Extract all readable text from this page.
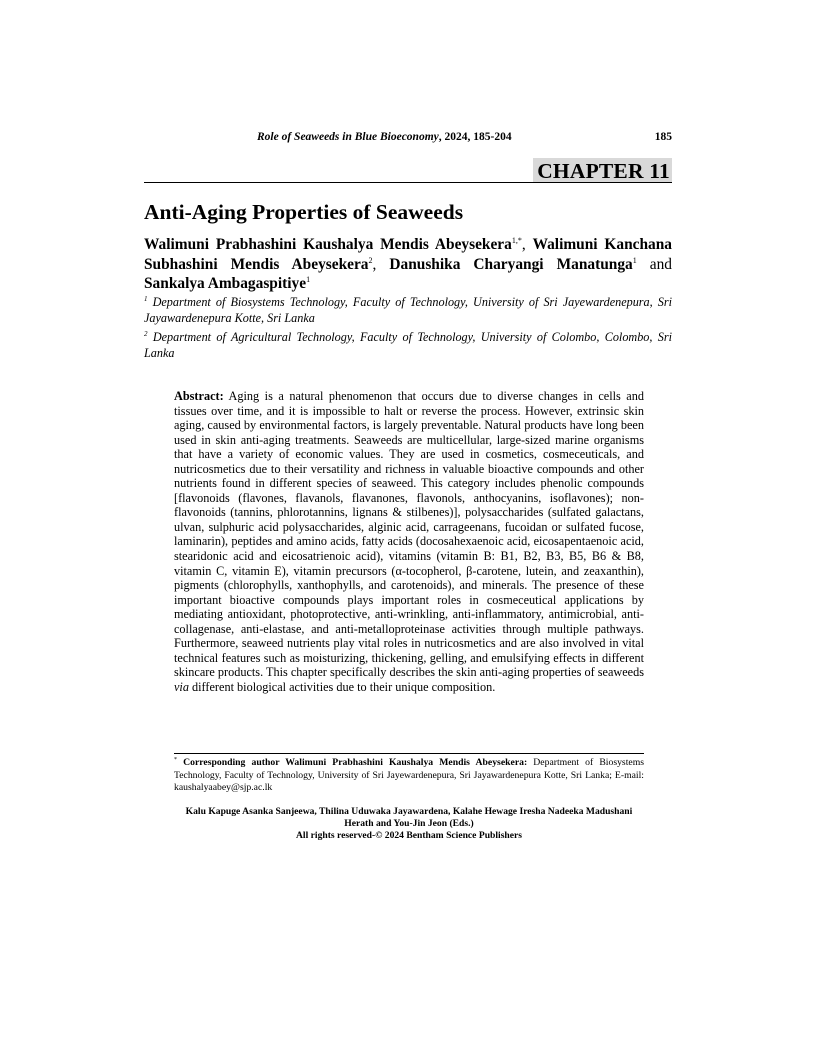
Role of Seaweeds in Blue Bioeconomy, 2024, 185-204	185
CHAPTER 11
Anti-Aging Properties of Seaweeds
Walimuni Prabhashini Kaushalya Mendis Abeysekera$^{1,*}$, Walimuni Kanchana Subhashini Mendis Abeysekera$^2$, Danushika Charyangi Manatunga$^1$ and Sankalya Ambagaspitiye$^1$
$^1$ Department of Biosystems Technology, Faculty of Technology, University of Sri Jayewardenepura, Sri Jayawardenepura Kotte, Sri Lanka
$^2$ Department of Agricultural Technology, Faculty of Technology, University of Colombo, Colombo, Sri Lanka
Abstract: Aging is a natural phenomenon that occurs due to diverse changes in cells and tissues over time, and it is impossible to halt or reverse the process. However, extrinsic skin aging, caused by environmental factors, is largely preventable. Natural products have long been used in skin anti-aging treatments. Seaweeds are multicellular, large-sized marine organisms that have a variety of economic values. They are used in cosmetics, cosmeceuticals, and nutricosmetics due to their versatility and richness in valuable bioactive compounds and other nutrients found in different species of seaweed. This category includes phenolic compounds [flavonoids (flavones, flavanols, flavanones, flavonols, anthocyanins, isoflavones); non-flavonoids (tannins, phlorotannins, lignans & stilbenes)], polysaccharides (sulfated galactans, ulvan, sulphuric acid polysaccharides, alginic acid, carrageenans, fucoidan or sulfated fucose, laminarin), peptides and amino acids, fatty acids (docosahexaenoic acid, eicosapentaenoic acid, stearidonic acid and eicosatrienoic acid), vitamins (vitamin B: B1, B2, B3, B5, B6 & B8, vitamin C, vitamin E), vitamin precursors (α-tocopherol, β-carotene, lutein, and zeaxanthin), pigments (chlorophylls, xanthophylls, and carotenoids), and minerals. The presence of these important bioactive compounds plays important roles in cosmeceutical applications by mediating antioxidant, photoprotective, anti-wrinkling, anti-inflammatory, antimicrobial, anti-collagenase, anti-elastase, and anti-metalloproteinase activities through multiple pathways. Furthermore, seaweed nutrients play vital roles in nutricosmetics and are also involved in vital technical features such as moisturizing, thickening, gelling, and emulsifying effects in different skincare products. This chapter specifically describes the skin anti-aging properties of seaweeds via different biological activities due to their unique composition.
* Corresponding author Walimuni Prabhashini Kaushalya Mendis Abeysekera: Department of Biosystems Technology, Faculty of Technology, University of Sri Jayewardenepura, Sri Jayawardenepura Kotte, Sri Lanka; E-mail: kaushalyaabey@sjp.ac.lk
Kalu Kapuge Asanka Sanjeewa, Thilina Uduwaka Jayawardena, Kalahe Hewage Iresha Nadeeka Madushani
Herath and You-Jin Jeon (Eds.)
All rights reserved-© 2024 Bentham Science Publishers
